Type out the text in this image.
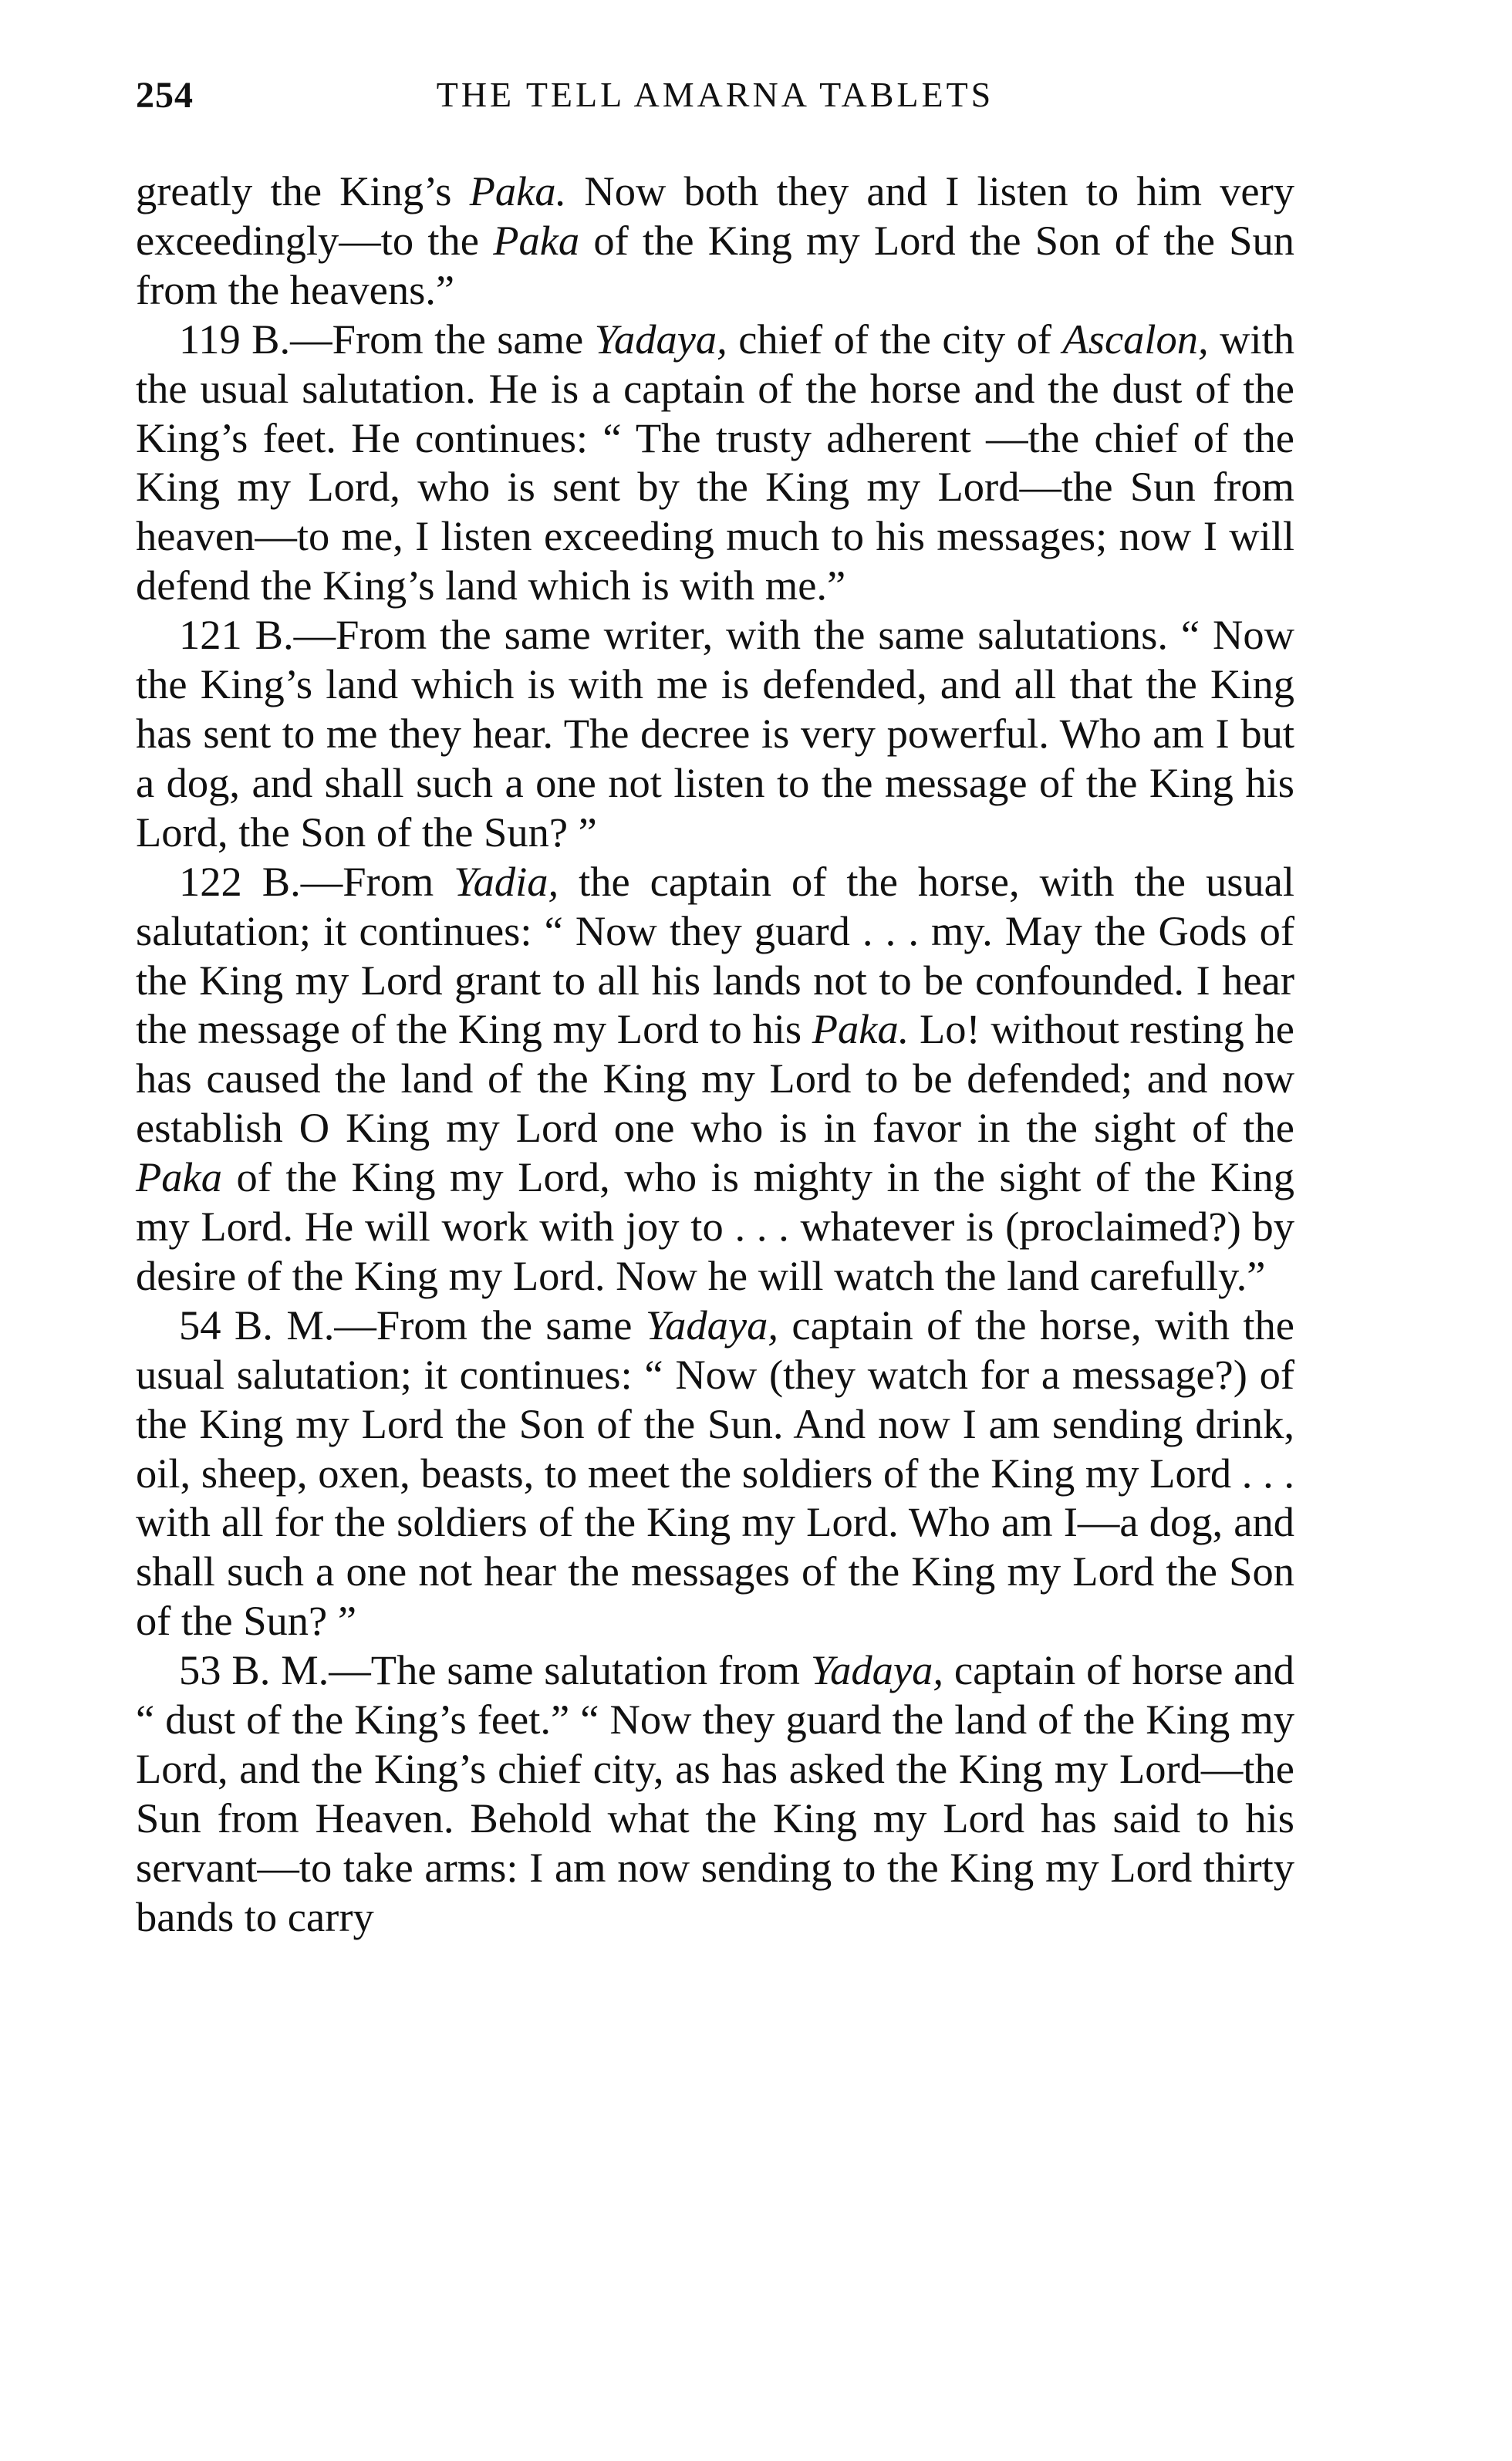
254	THE TELL AMARNA TABLETS

greatly the King’s Paka. Now both they and I listen to him very exceedingly—to the Paka of the King my Lord the Son of the Sun from the heavens.”

119 B.—From the same Yadaya, chief of the city of Ascalon, with the usual salutation. He is a captain of the horse and the dust of the King’s feet. He continues: “ The trusty adherent —the chief of the King my Lord, who is sent by the King my Lord—the Sun from heaven—to me, I listen exceeding much to his messages; now I will defend the King’s land which is with me.”

121 B.—From the same writer, with the same salutations. “ Now the King’s land which is with me is defended, and all that the King has sent to me they hear. The decree is very powerful. Who am I but a dog, and shall such a one not listen to the message of the King his Lord, the Son of the Sun? ”

122 B.—From Yadia, the captain of the horse, with the usual salutation; it continues: “ Now they guard . . . my. May the Gods of the King my Lord grant to all his lands not to be confounded. I hear the message of the King my Lord to his Paka. Lo! without resting he has caused the land of the King my Lord to be defended; and now establish O King my Lord one who is in favor in the sight of the Paka of the King my Lord, who is mighty in the sight of the King my Lord. He will work with joy to . . . whatever is (proclaimed?) by desire of the King my Lord. Now he will watch the land carefully.”

54 B. M.—From the same Yadaya, captain of the horse, with the usual salutation; it continues: “ Now (they watch for a message?) of the King my Lord the Son of the Sun. And now I am sending drink, oil, sheep, oxen, beasts, to meet the soldiers of the King my Lord . . . with all for the soldiers of the King my Lord. Who am I—a dog, and shall such a one not hear the messages of the King my Lord the Son of the Sun? ”

53 B. M.—The same salutation from Yadaya, captain of horse and “ dust of the King’s feet.” “ Now they guard the land of the King my Lord, and the King’s chief city, as has asked the King my Lord—the Sun from Heaven. Behold what the King my Lord has said to his servant—to take arms: I am now sending to the King my Lord thirty bands to carry
